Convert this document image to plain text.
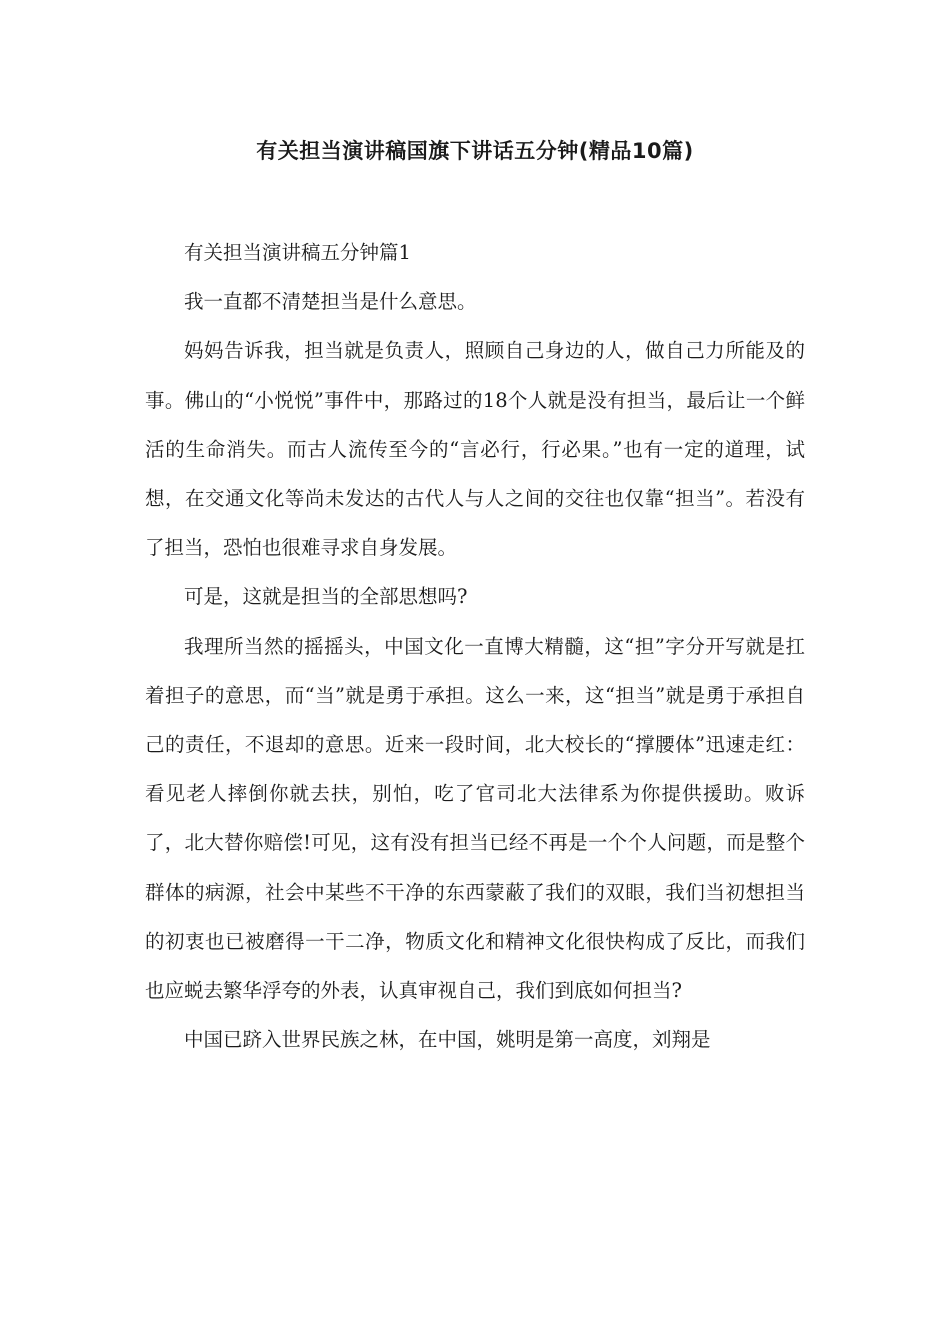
有关担当演讲稿国旗下讲话五分钟(精品10篇)

有关担当演讲稿五分钟篇1

我一直都不清楚担当是什么意思。

妈妈告诉我，担当就是负责人，照顾自己身边的人，做自己力所能及的事。佛山的“小悦悦”事件中，那路过的18个人就是没有担当，最后让一个鲜活的生命消失。而古人流传至今的“言必行，行必果。”也有一定的道理，试想，在交通文化等尚未发达的古代人与人之间的交往也仅靠“担当”。若没有了担当，恐怕也很难寻求自身发展。

可是，这就是担当的全部思想吗?

我理所当然的摇摇头，中国文化一直博大精髓，这“担”字分开写就是扛着担子的意思，而“当”就是勇于承担。这么一来，这“担当”就是勇于承担自己的责任，不退却的意思。近来一段时间，北大校长的“撑腰体”迅速走红：看见老人摔倒你就去扶，别怕，吃了官司北大法律系为你提供援助。败诉了，北大替你赔偿!可见，这有没有担当已经不再是一个个人问题，而是整个群体的病源，社会中某些不干净的东西蒙蔽了我们的双眼，我们当初想担当的初衷也已被磨得一干二净，物质文化和精神文化很快构成了反比，而我们也应蜕去繁华浮夸的外表，认真审视自己，我们到底如何担当?

中国已跻入世界民族之林，在中国，姚明是第一高度，刘翔是
